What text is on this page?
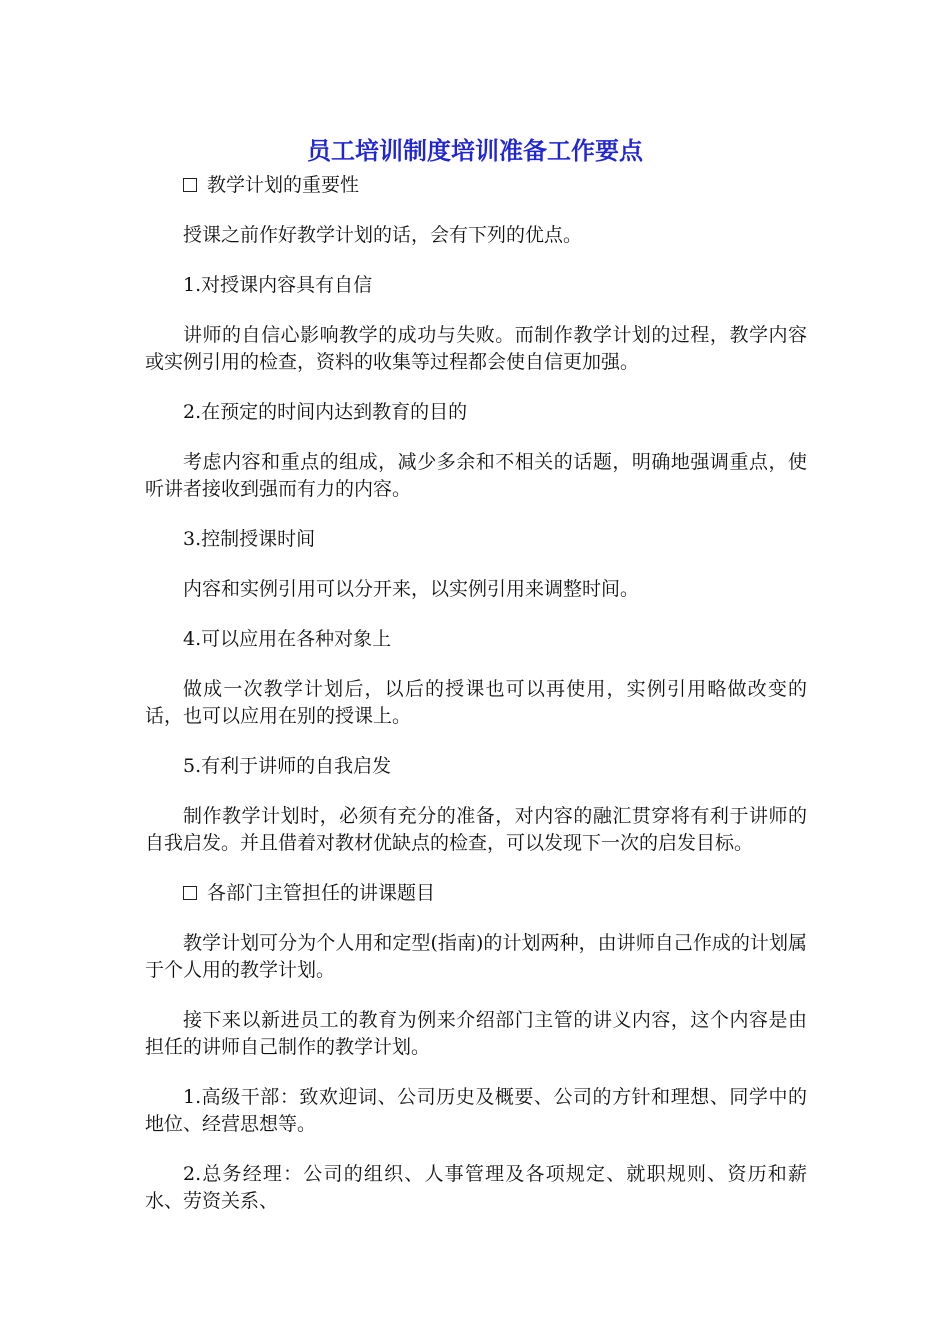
员工培训制度培训准备工作要点

教学计划的重要性

授课之前作好教学计划的话，会有下列的优点。

1.对授课内容具有自信

讲师的自信心影响教学的成功与失败。而制作教学计划的过程，教学内容或实例引用的检查，资料的收集等过程都会使自信更加强。

2.在预定的时间内达到教育的目的

考虑内容和重点的组成，减少多余和不相关的话题，明确地强调重点，使听讲者接收到强而有力的内容。

3.控制授课时间

内容和实例引用可以分开来，以实例引用来调整时间。

4.可以应用在各种对象上

做成一次教学计划后，以后的授课也可以再使用，实例引用略做改变的话，也可以应用在别的授课上。

5.有利于讲师的自我启发

制作教学计划时，必须有充分的准备，对内容的融汇贯穿将有利于讲师的自我启发。并且借着对教材优缺点的检查，可以发现下一次的启发目标。

各部门主管担任的讲课题目

教学计划可分为个人用和定型(指南)的计划两种，由讲师自己作成的计划属于个人用的教学计划。

接下来以新进员工的教育为例来介绍部门主管的讲义内容，这个内容是由担任的讲师自己制作的教学计划。

1.高级干部：致欢迎词、公司历史及概要、公司的方针和理想、同学中的地位、经营思想等。

2.总务经理：公司的组织、人事管理及各项规定、就职规则、资历和薪水、劳资关系、
